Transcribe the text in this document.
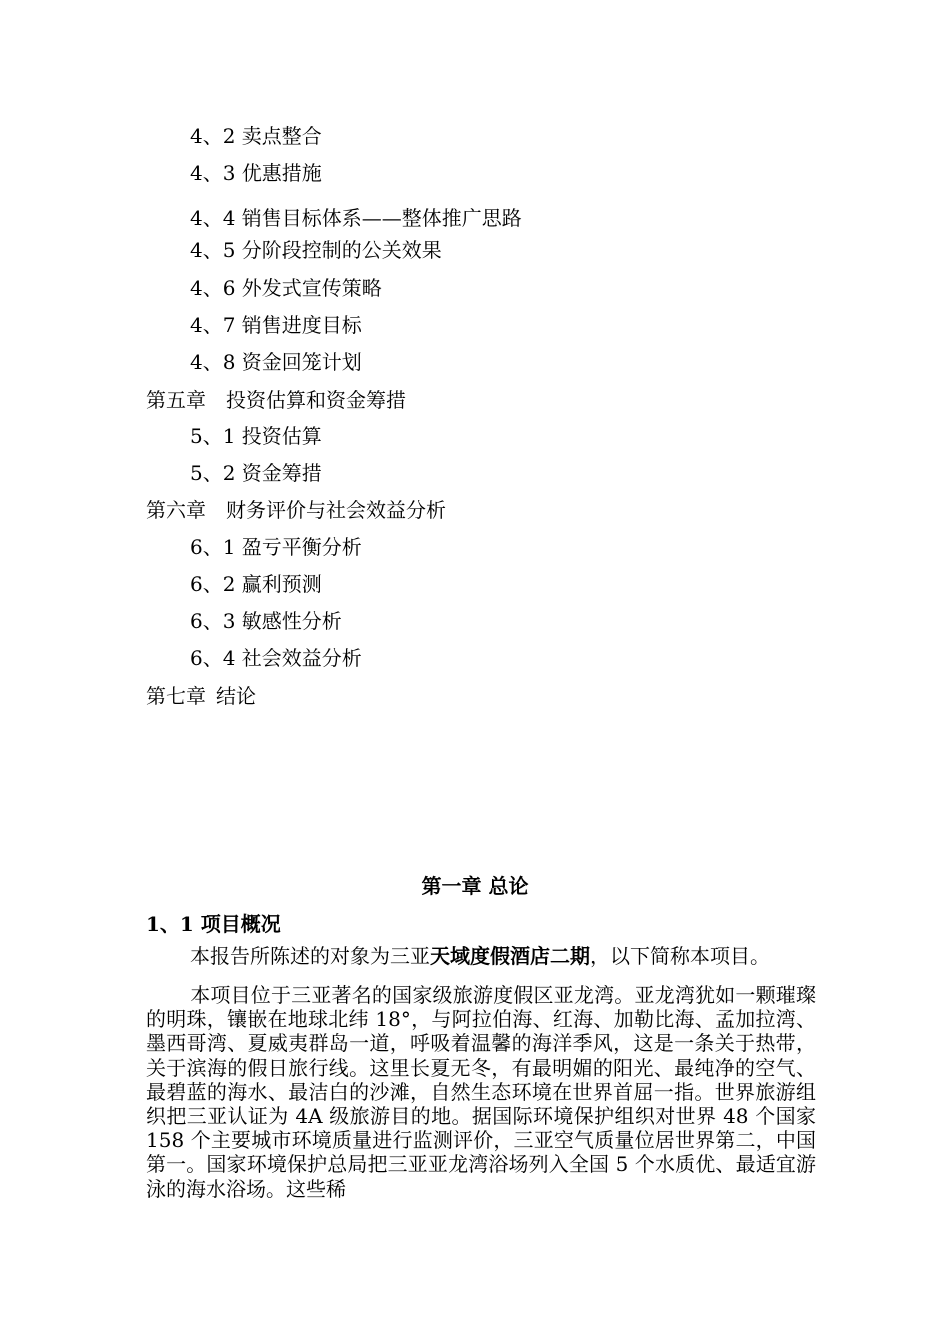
4、2 卖点整合
4、3 优惠措施
4、4 销售目标体系——整体推广思路
4、5 分阶段控制的公关效果
4、6 外发式宣传策略
4、7 销售进度目标
4、8 资金回笼计划
第五章 投资估算和资金筹措
5、1 投资估算
5、2 资金筹措
第六章 财务评价与社会效益分析
6、1 盈亏平衡分析
6、2 赢利预测
6、3 敏感性分析
6、4 社会效益分析
第七章 结论
第一章 总论
1、1 项目概况
本报告所陈述的对象为三亚天域度假酒店二期，以下简称本项目。
本项目位于三亚著名的国家级旅游度假区亚龙湾。亚龙湾犹如一颗璀璨的明珠，镶嵌在地球北纬 18°，与阿拉伯海、红海、加勒比海、孟加拉湾、墨西哥湾、夏威夷群岛一道，呼吸着温馨的海洋季风，这是一条关于热带，关于滨海的假日旅行线。这里长夏无冬，有最明媚的阳光、最纯净的空气、最碧蓝的海水、最洁白的沙滩，自然生态环境在世界首屈一指。世界旅游组织把三亚认证为 4A 级旅游目的地。据国际环境保护组织对世界 48 个国家 158 个主要城市环境质量进行监测评价，三亚空气质量位居世界第二，中国第一。国家环境保护总局把三亚亚龙湾浴场列入全国 5 个水质优、最适宜游泳的海水浴场。这些稀
